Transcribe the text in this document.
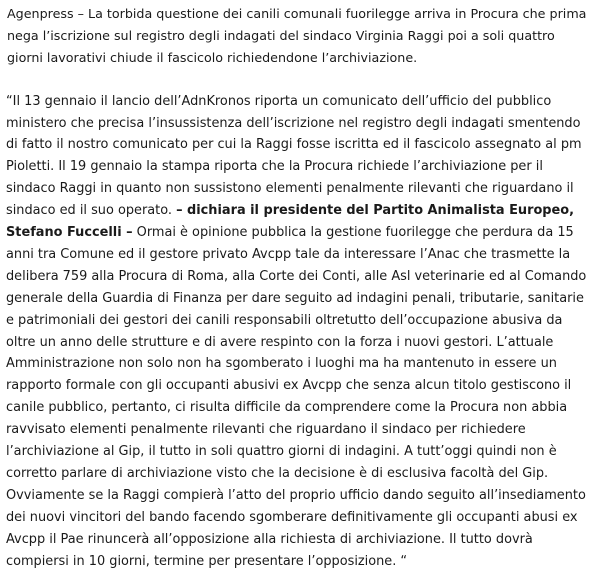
Agenpress – La torbida questione dei canili comunali fuorilegge arriva in Procura che prima nega l’iscrizione sul registro degli indagati del sindaco Virginia Raggi poi a soli quattro giorni lavorativi chiude il fascicolo richiedendone l’archiviazione.

“Il 13 gennaio il lancio dell’AdnKronos riporta un comunicato dell’ufficio del pubblico ministero che precisa l’insussistenza dell’iscrizione nel registro degli indagati smentendo di fatto il nostro comunicato per cui la Raggi fosse iscritta ed il fascicolo assegnato al pm Pioletti. Il 19 gennaio la stampa riporta che la Procura richiede l’archiviazione per il sindaco Raggi in quanto non sussistono elementi penalmente rilevanti che riguardano il sindaco ed il suo operato. – dichiara il presidente del Partito Animalista Europeo, Stefano Fuccelli – Ormai è opinione pubblica la gestione fuorilegge che perdura da 15 anni tra Comune ed il gestore privato Avcpp tale da interessare l’Anac che trasmette la delibera 759 alla Procura di Roma, alla Corte dei Conti, alle Asl veterinarie ed al Comando generale della Guardia di Finanza per dare seguito ad indagini penali, tributarie, sanitarie e patrimoniali dei gestori dei canili responsabili oltretutto dell’occupazione abusiva da oltre un anno delle strutture e di avere respinto con la forza i nuovi gestori. L’attuale Amministrazione non solo non ha sgomberato i luoghi ma ha mantenuto in essere un rapporto formale con gli occupanti abusivi ex Avcpp che senza alcun titolo gestiscono il canile pubblico, pertanto, ci risulta difficile da comprendere come la Procura non abbia ravvisato elementi penalmente rilevanti che riguardano il sindaco per richiedere l’archiviazione al Gip, il tutto in soli quattro giorni di indagini. A tutt’oggi quindi non è corretto parlare di archiviazione visto che la decisione è di esclusiva facoltà del Gip. Ovviamente se la Raggi compierà l’atto del proprio ufficio dando seguito all’insediamento dei nuovi vincitori del bando facendo sgomberare definitivamente gli occupanti abusi ex Avcpp il Pae rinuncerà all’opposizione alla richiesta di archiviazione. Il tutto dovrà compiersi in 10 giorni, termine per presentare l’opposizione. “
